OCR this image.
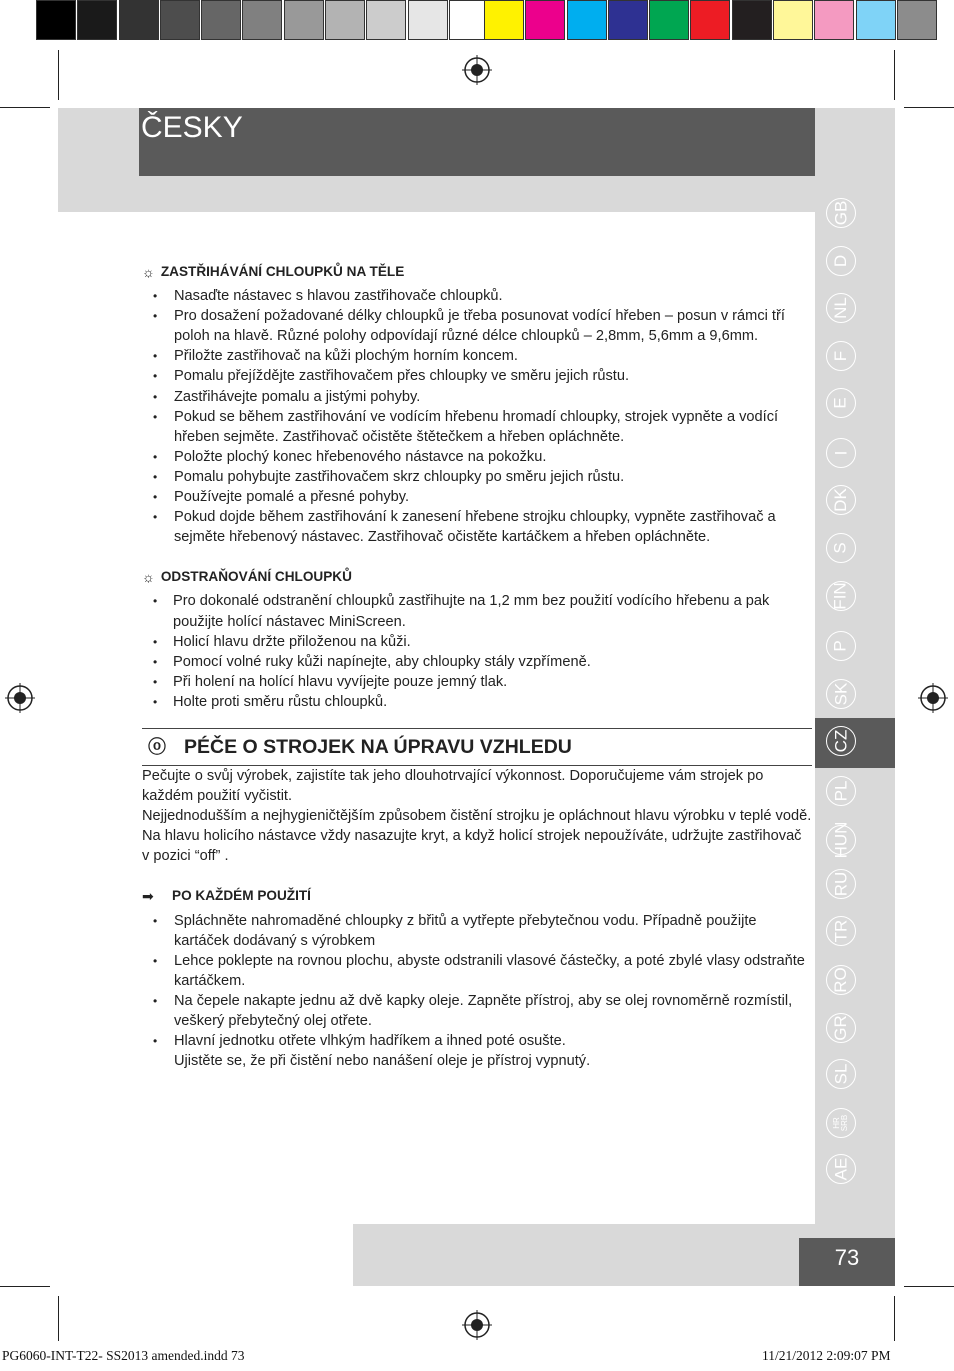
ČESKY
73
GB
D
NL
F
E
I
DK
S
FIN
P
SK
CZ
PL
HUN
RU
TR
RO
GR
SL
HR
SRB
AE
☼ ZASTŘIHÁVÁNÍ CHLOUPKŮ NA TĚLE
• Nasaďte nástavec s hlavou zastřihovače chloupků.
• Pro dosažení požadované délky chloupků je třeba posunovat vodící hřeben – posun v rámci tří poloh na hlavě. Různé polohy odpovídají různé délce chloupků – 2,8mm, 5,6mm a 9,6mm.
• Přiložte zastřihovač na kůži plochým horním koncem.
• Pomalu přejíždějte zastřihovačem přes chloupky ve směru jejich růstu.
• Zastřihávejte pomalu a jistými pohyby.
• Pokud se během zastřihování ve vodícím hřebenu hromadí chloupky, strojek vypněte a vodící hřeben sejměte. Zastřihovač očistěte štětečkem a hřeben opláchněte.
• Položte plochý konec hřebenového nástavce na pokožku.
• Pomalu pohybujte zastřihovačem skrz chloupky po směru jejich růstu.
• Používejte pomalé a přesné pohyby.
• Pokud dojde během zastřihování k zanesení hřebene strojku chloupky, vypněte zastřihovač a sejměte hřebenový nástavec. Zastřihovač očistěte kartáčkem a hřeben opláchněte.
☼ ODSTRAŇOVÁNÍ CHLOUPKŮ
• Pro dokonalé odstranění chloupků zastřihujte na 1,2 mm bez použití vodícího hřebenu a pak použijte holící nástavec MiniScreen.
• Holicí hlavu držte přiloženou na kůži.
• Pomocí volné ruky kůži napínejte, aby chloupky stály vzpřímeně.
• Při holení na holící hlavu vyvíjejte pouze jemný tlak.
• Holte proti směru růstu chloupků.
ⓞ PÉČE O STROJEK NA ÚPRAVU VZHLEDU

Pečujte o svůj výrobek, zajistíte tak jeho dlouhotrvající výkonnost. Doporučujeme vám strojek po každém použití vyčistit.

Nejjednodušším a nejhygieničtějším způsobem čistění strojku je opláchnout hlavu výrobku v teplé vodě. Na hlavu holicího nástavce vždy nasazujte kryt, a když holicí strojek nepoužíváte, udržujte zastřihovač v pozici “off” .

➡	PO KAŽDÉM POUŽITÍ
• Spláchněte nahromaděné chloupky z břitů a vytřepte přebytečnou vodu. Případně použijte kartáček dodávaný s výrobkem
• Lehce poklepte na rovnou plochu, abyste odstranili vlasové částečky, a poté zbylé vlasy odstraňte kartáčkem.
• Na čepele nakapte jednu až dvě kapky oleje. Zapněte přístroj, aby se olej rovnoměrně rozmístil, veškerý přebytečný olej otřete.
• Hlavní jednotku otřete vlhkým hadříkem a ihned poté osušte.

Ujistěte se, že při čistění nebo nanášení oleje je přístroj vypnutý.

PG6060-INT-T22- SS2013 amended.indd 73	11/21/2012 2:09:07 PM
